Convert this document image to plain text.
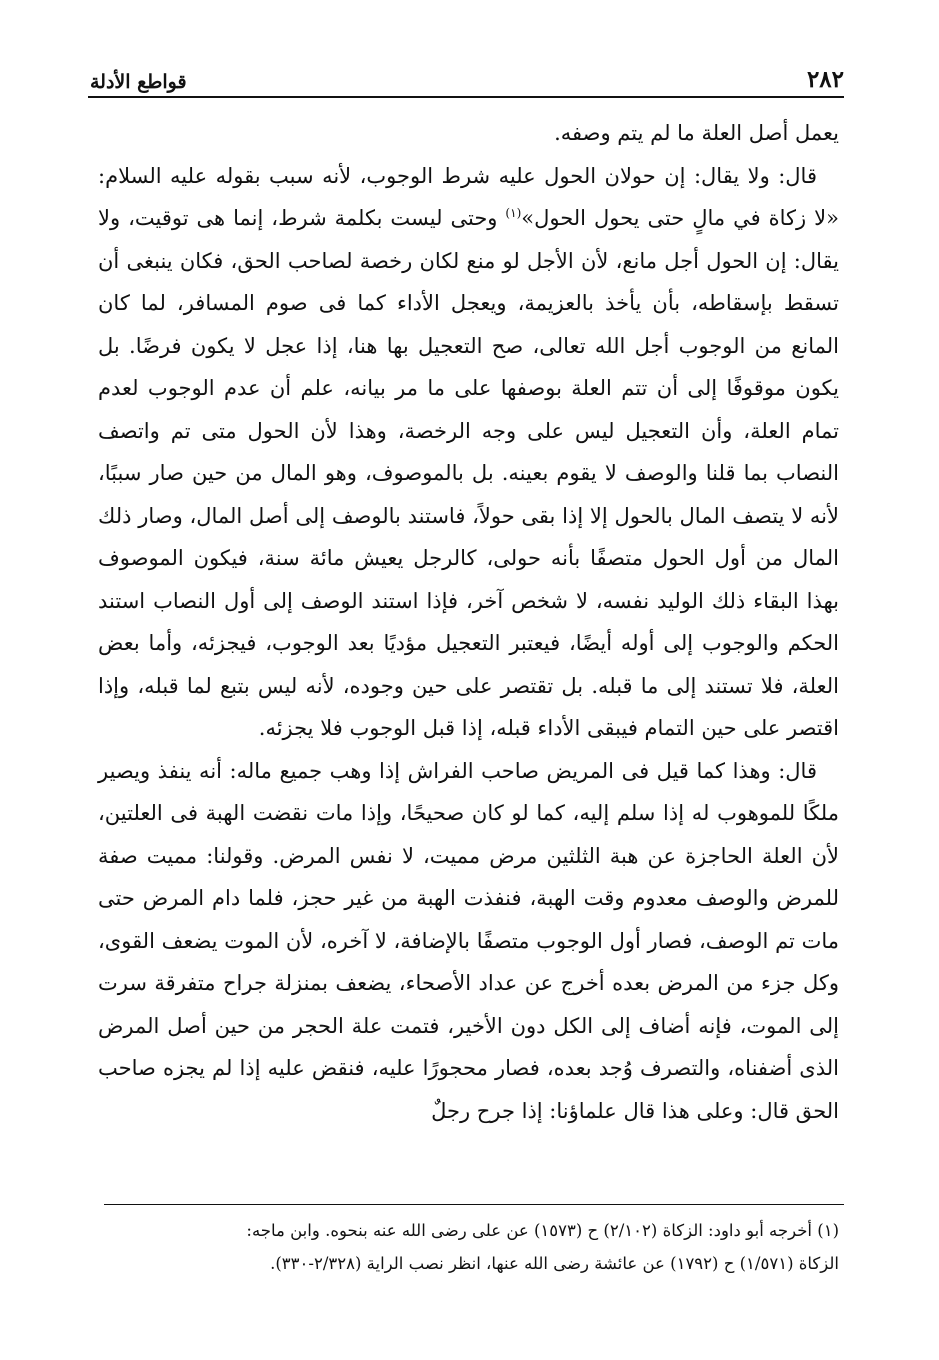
قواطع الأدلة	٢٨٢

يعمل أصل العلة ما لم يتم وصفه.

قال: ولا يقال: إن حولان الحول عليه شرط الوجوب، لأنه سبب بقوله عليه السلام: «لا زكاة في مالٍ حتى يحول الحول»$^{(١)}$ وحتى ليست بكلمة شرط، إنما هى توقيت، ولا يقال: إن الحول أجل مانع، لأن الأجل لو منع لكان رخصة لصاحب الحق، فكان ينبغى أن تسقط بإسقاطه، بأن يأخذ بالعزيمة، ويعجل الأداء كما فى صوم المسافر، لما كان المانع من الوجوب أجل الله تعالى، صح التعجيل بها هنا، إذا عجل لا يكون فرضًا. بل يكون موقوفًا إلى أن تتم العلة بوصفها على ما مر بيانه، علم أن عدم الوجوب لعدم تمام العلة، وأن التعجيل ليس على وجه الرخصة، وهذا لأن الحول متى تم واتصف النصاب بما قلنا والوصف لا يقوم بعينه. بل بالموصوف، وهو المال من حين صار سببًا، لأنه لا يتصف المال بالحول إلا إذا بقى حولاً، فاستند بالوصف إلى أصل المال، وصار ذلك المال من أول الحول متصفًا بأنه حولى، كالرجل يعيش مائة سنة، فيكون الموصوف بهذا البقاء ذلك الوليد نفسه، لا شخص آخر، فإذا استند الوصف إلى أول النصاب استند الحكم والوجوب إلى أوله أيضًا، فيعتبر التعجيل مؤديًا بعد الوجوب، فيجزئه، وأما بعض العلة، فلا تستند إلى ما قبله. بل تقتصر على حين وجوده، لأنه ليس بتبع لما قبله، وإذا اقتصر على حين التمام فيبقى الأداء قبله، إذا قبل الوجوب فلا يجزئه.

قال: وهذا كما قيل فى المريض صاحب الفراش إذا وهب جميع ماله: أنه ينفذ ويصير ملكًا للموهوب له إذا سلم إليه، كما لو كان صحيحًا، وإذا مات نقضت الهبة فى العلتين، لأن العلة الحاجزة عن هبة الثلثين مرض مميت، لا نفس المرض. وقولنا: مميت صفة للمرض والوصف معدوم وقت الهبة، فنفذت الهبة من غير حجز، فلما دام المرض حتى مات تم الوصف، فصار أول الوجوب متصفًا بالإضافة، لا آخره، لأن الموت يضعف القوى، وكل جزء من المرض بعده أخرج عن عداد الأصحاء، يضعف بمنزلة جراح متفرقة سرت إلى الموت، فإنه أضاف إلى الكل دون الأخير، فتمت علة الحجر من حين أصل المرض الذى أضفناه، والتصرف وُجد بعده، فصار محجورًا عليه، فنقض عليه إذا لم يجزه صاحب الحق قال: وعلى هذا قال علماؤنا: إذا جرح رجلٌ

(١) أخرجه أبو داود: الزكاة (٢/١٠٢) ح (١٥٧٣) عن على رضى الله عنه بنحوه. وابن ماجه:

الزكاة (١/٥٧١) ح (١٧٩٢) عن عائشة رضى الله عنها، انظر نصب الراية (٢/٣٢٨-٣٣٠).
